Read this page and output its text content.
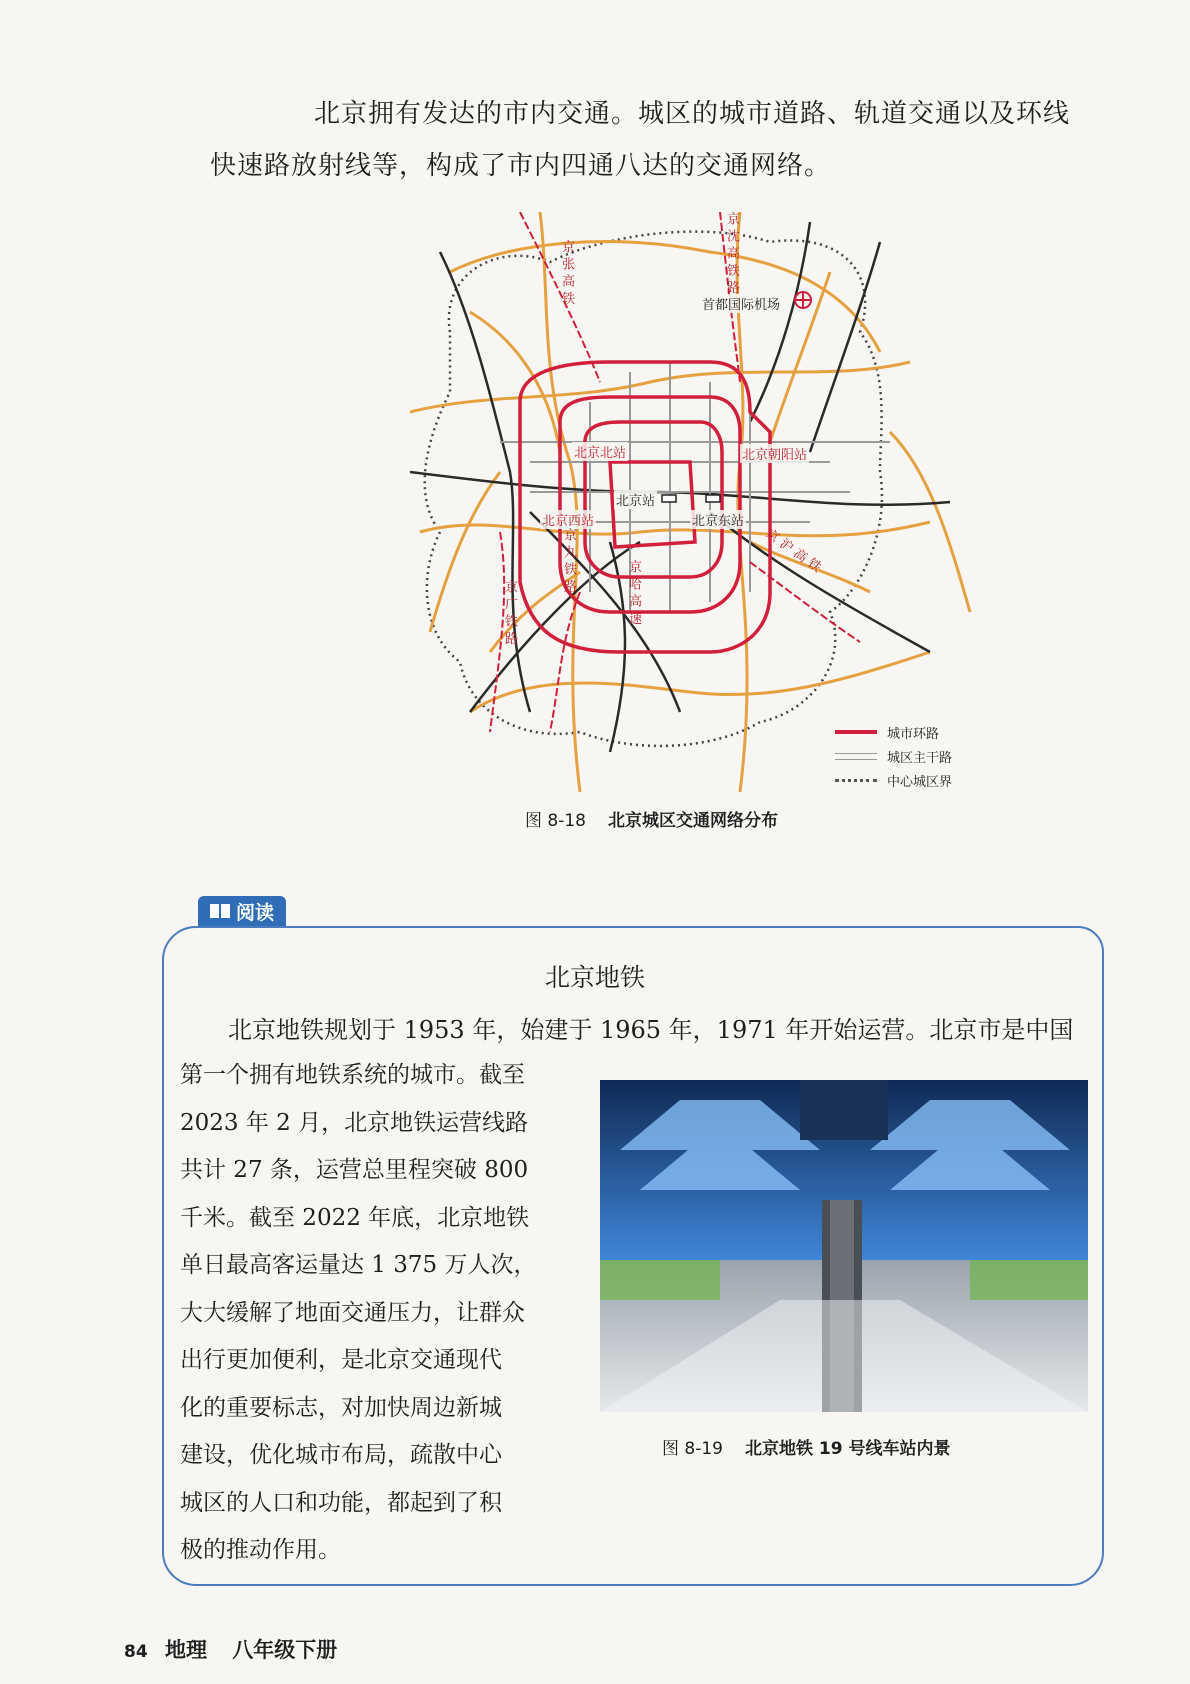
北京拥有发达的市内交通。城区的城市道路、轨道交通以及环线

快速路放射线等，构成了市内四通八达的交通网络。

首都国际机场
北京北站	北京朝阳站
北京站
北京东站
北京西站
京 沈 高 铁 路
京 九 铁 路
京 广 铁 路
京 张 高 铁
京 沪 高 铁
京 哈 高 速
城市环路
城区主干路
中心城区界
图 8-18 北京城区交通网络分布
阅读
北京地铁
北京地铁规划于 1953 年，始建于 1965 年，1971 年开始运营。北京市是中国

第一个拥有地铁系统的城市。截至

2023 年 2 月，北京地铁运营线路

共计 27 条，运营总里程突破 800

千米。截至 2022 年底，北京地铁

单日最高客运量达 1 375 万人次，

大大缓解了地面交通压力，让群众

出行更加便利，是北京交通现代

化的重要标志，对加快周边新城

建设，优化城市布局，疏散中心

城区的人口和功能，都起到了积

极的推动作用。

图 8-19 北京地铁 19 号线车站内景
84 地理 八年级下册
